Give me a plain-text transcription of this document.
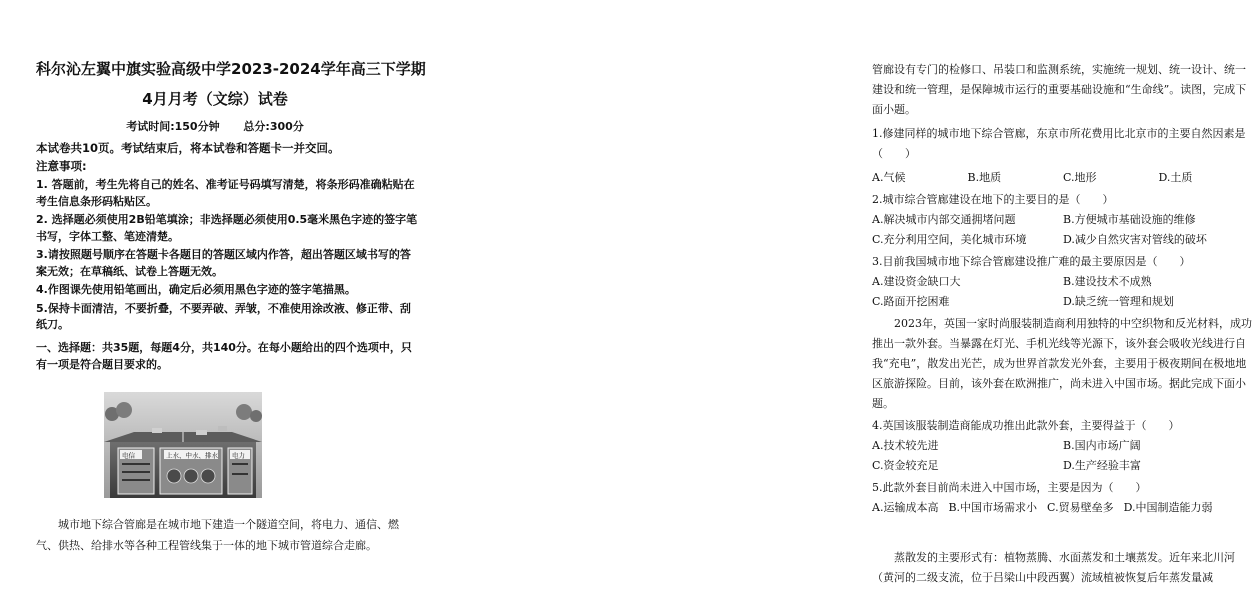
科尔沁左翼中旗实验高级中学2023-2024学年高三下学期
4月月考（文综）试卷
考试时间:150分钟 总分:300分
本试卷共10页。考试结束后，将本试卷和答题卡一并交回。
注意事项:

1. 答题前，考生先将自己的姓名、准考证号码填写清楚，将条形码准确粘贴在考生信息条形码粘贴区。

2. 选择题必须使用2B铅笔填涂；非选择题必须使用0.5毫米黑色字迹的签字笔书写，字体工整、笔迹清楚。

3.请按照题号顺序在答题卡各题目的答题区域内作答，超出答题区域书写的答案无效；在草稿纸、试卷上答题无效。

4.作图课先使用铅笔画出，确定后必须用黑色字迹的签字笔描黑。

5.保持卡面清洁，不要折叠，不要弄破、弄皱，不准使用涂改液、修正带、刮纸刀。

一、选择题：共35题，每题4分，共140分。在每小题给出的四个选项中，只有一项是符合题目要求的。
电信	上水、中水、排水 电力
城市地下综合管廊是在城市地下建造一个隧道空间，将电力、通信、燃气、供热、给排水等各种工程管线集于一体的地下城市管道综合走廊。
管廊设有专门的检修口、吊装口和监测系统，实施统一规划、统一设计、统一建设和统一管理，是保障城市运行的重要基础设施和“生命线”。读图，完成下面小题。
1.修建同样的城市地下综合管廊，东京市所花费用比北京市的主要自然因素是（　　）
A.气候	B.地质	C.地形	D.土质
2.城市综合管廊建设在地下的主要目的是（　　）
A.解决城市内部交通拥堵问题	B.方便城市基础设施的维修
C.充分利用空间，美化城市环境	D.减少自然灾害对管线的破坏
3.目前我国城市地下综合管廊建设推广难的最主要原因是（　　）
A.建设资金缺口大	B.建设技术不成熟
C.路面开挖困难	D.缺乏统一管理和规划
2023年，英国一家时尚服装制造商利用独特的中空织物和反光材料，成功推出一款外套。当暴露在灯光、手机光线等光源下，该外套会吸收光线进行自我“充电”，散发出光芒，成为世界首款发光外套，主要用于极夜期间在极地地区旅游探险。目前，该外套在欧洲推广，尚未进入中国市场。据此完成下面小题。
4.英国该服装制造商能成功推出此款外套，主要得益于（　　）
A.技术较先进	B.国内市场广阔
C.资金较充足	D.生产经验丰富
5.此款外套目前尚未进入中国市场，主要是因为（　　）
A.运输成本高 B.中国市场需求小 C.贸易壁垒多 D.中国制造能力弱
蒸散发的主要形式有：植物蒸腾、水面蒸发和土壤蒸发。近年来北川河（黄河的二级支流，位于吕梁山中段西翼）流域植被恢复后年蒸发量减
